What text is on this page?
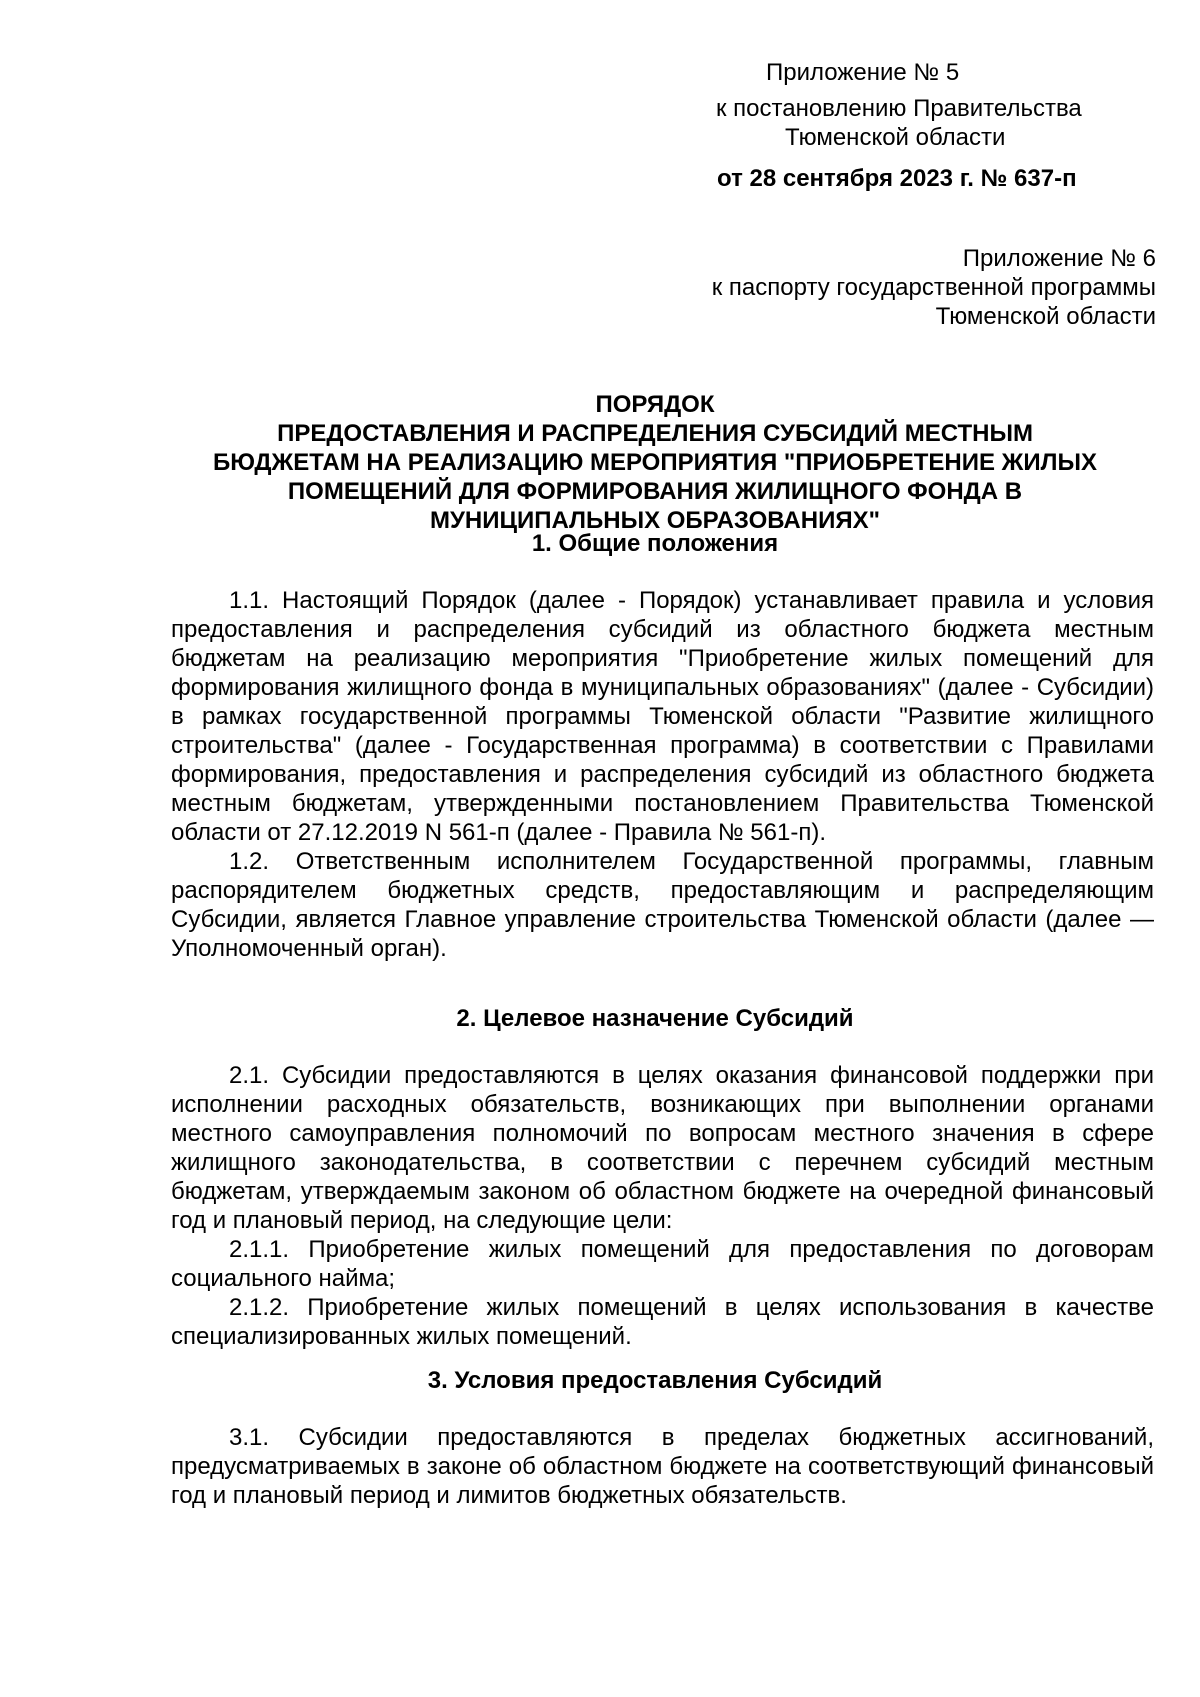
Приложение № 5
к постановлению Правительства
Тюменской области
от 28 сентября 2023 г. № 637-п
Приложение № 6
к паспорту государственной программы
Тюменской области
ПОРЯДОК
ПРЕДОСТАВЛЕНИЯ И РАСПРЕДЕЛЕНИЯ СУБСИДИЙ МЕСТНЫМ
БЮДЖЕТАМ НА РЕАЛИЗАЦИЮ МЕРОПРИЯТИЯ "ПРИОБРЕТЕНИЕ ЖИЛЫХ
ПОМЕЩЕНИЙ ДЛЯ ФОРМИРОВАНИЯ ЖИЛИЩНОГО ФОНДА В
МУНИЦИПАЛЬНЫХ ОБРАЗОВАНИЯХ"
1. Общие положения

1.1. Настоящий Порядок (далее - Порядок) устанавливает правила и условия предоставления и распределения субсидий из областного бюджета местным бюджетам на реализацию мероприятия "Приобретение жилых помещений для формирования жилищного фонда в муниципальных образованиях" (далее - Субсидии) в рамках государственной программы Тюменской области "Развитие жилищного строительства" (далее - Государственная программа) в соответствии с Правилами формирования, предоставления и распределения субсидий из областного бюджета местным бюджетам, утвержденными постановлением Правительства Тюменской области от 27.12.2019 N 561-п (далее - Правила № 561-п).

1.2. Ответственным исполнителем Государственной программы, главным распорядителем бюджетных средств, предоставляющим и распределяющим Субсидии, является Главное управление строительства Тюменской области (далее — Уполномоченный орган).

2. Целевое назначение Субсидий

2.1. Субсидии предоставляются в целях оказания финансовой поддержки при исполнении расходных обязательств, возникающих при выполнении органами местного самоуправления полномочий по вопросам местного значения в сфере жилищного законодательства, в соответствии с перечнем субсидий местным бюджетам, утверждаемым законом об областном бюджете на очередной финансовый год и плановый период, на следующие цели:

2.1.1. Приобретение жилых помещений для предоставления по договорам социального найма;

2.1.2. Приобретение жилых помещений в целях использования в качестве специализированных жилых помещений.

3. Условия предоставления Субсидий

3.1. Субсидии предоставляются в пределах бюджетных ассигнований, предусматриваемых в законе об областном бюджете на соответствующий финансовый год и плановый период и лимитов бюджетных обязательств.
